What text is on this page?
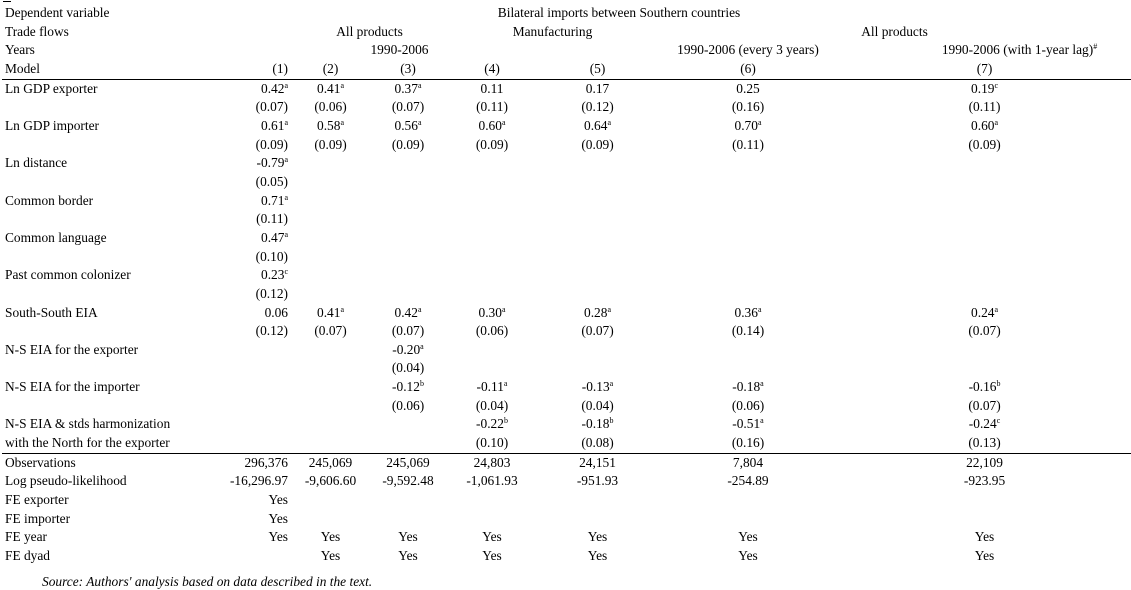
Dependent variable	Bilateral imports between Southern countries						
Trade flows		All products		Manufacturing		All products	
Years		1990-2006				1990-2006 (every 3 years)	1990-2006 (with 1-year lag)#
Model	(1)	(2)	(3)	(4)	(5)	(6)	(7)
Ln GDP exporter	0.42$^a$	0.41$^a$	0.37$^a$	0.11	0.17	0.25	0.19$^c$
	(0.07)	(0.06)	(0.07)	(0.11)	(0.12)	(0.16)	(0.11)
Ln GDP importer	0.61$^a$	0.58$^a$	0.56$^a$	0.60$^a$	0.64$^a$	0.70$^a$	0.60$^a$
	(0.09)	(0.09)	(0.09)	(0.09)	(0.09)	(0.11)	(0.09)
Ln distance	-0.79$^a$						
	(0.05)						
Common border	0.71$^a$						
	(0.11)						
Common language	0.47$^a$						
	(0.10)						
Past common colonizer	0.23$^c$						
	(0.12)						
South-South EIA	0.06	0.41$^a$	0.42$^a$	0.30$^a$	0.28$^a$	0.36$^a$	0.24$^a$
	(0.12)	(0.07)	(0.07)	(0.06)	(0.07)	(0.14)	(0.07)
N-S EIA for the exporter			-0.20$^a$				
			(0.04)				
N-S EIA for the importer			-0.12$^b$	-0.11$^a$	-0.13$^a$	-0.18$^a$	-0.16$^b$
			(0.06)	(0.04)	(0.04)	(0.06)	(0.07)
N-S EIA & stds harmonization				-0.22$^b$	-0.18$^b$	-0.51$^a$	-0.24$^c$
with the North for the exporter				(0.10)	(0.08)	(0.16)	(0.13)
Observations	296,376	245,069	245,069	24,803	24,151	7,804	22,109
Log pseudo-likelihood	-16,296.97	-9,606.60	-9,592.48	-1,061.93	-951.93	-254.89	-923.95
FE exporter	Yes						
FE importer	Yes						
FE year	Yes	Yes	Yes	Yes	Yes	Yes	Yes
FE dyad		Yes	Yes	Yes	Yes	Yes	Yes
Source: Authors' analysis based on data described in the text.
